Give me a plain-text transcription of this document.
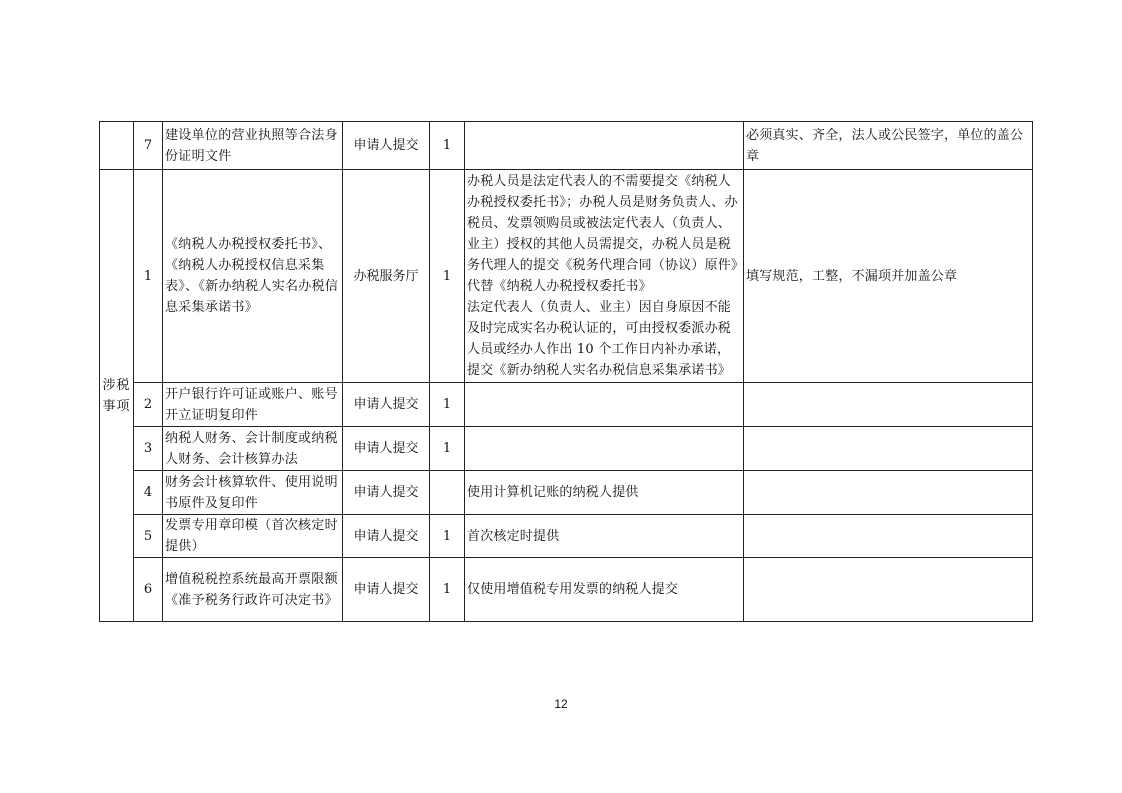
	7	建设单位的营业执照等合法身份证明文件	申请人提交	1		必须真实、齐全，法人或公民签字，单位的盖公章
涉税事项	1	《纳税人办税授权委托书》、《纳税人办税授权信息采集表》、《新办纳税人实名办税信息采集承诺书》	办税服务厅	1	办税人员是法定代表人的不需要提交《纳税人办税授权委托书》；办税人员是财务负责人、办税员、发票领购员或被法定代表人（负责人、业主）授权的其他人员需提交，办税人员是税务代理人的提交《税务代理合同（协议）原件》代替《纳税人办税授权委托书》
法定代表人（负责人、业主）因自身原因不能及时完成实名办税认证的，可由授权委派办税人员或经办人作出 10 个工作日内补办承诺，提交《新办纳税人实名办税信息采集承诺书》	填写规范，工整，不漏项并加盖公章
	2	开户银行许可证或账户、账号开立证明复印件	申请人提交	1		
	3	纳税人财务、会计制度或纳税人财务、会计核算办法	申请人提交	1		
	4	财务会计核算软件、使用说明书原件及复印件	申请人提交		使用计算机记账的纳税人提供	
	5	发票专用章印模（首次核定时提供）	申请人提交	1	首次核定时提供	
	6	增值税税控系统最高开票限额《准予税务行政许可决定书》	申请人提交	1	仅使用增值税专用发票的纳税人提交	
12
